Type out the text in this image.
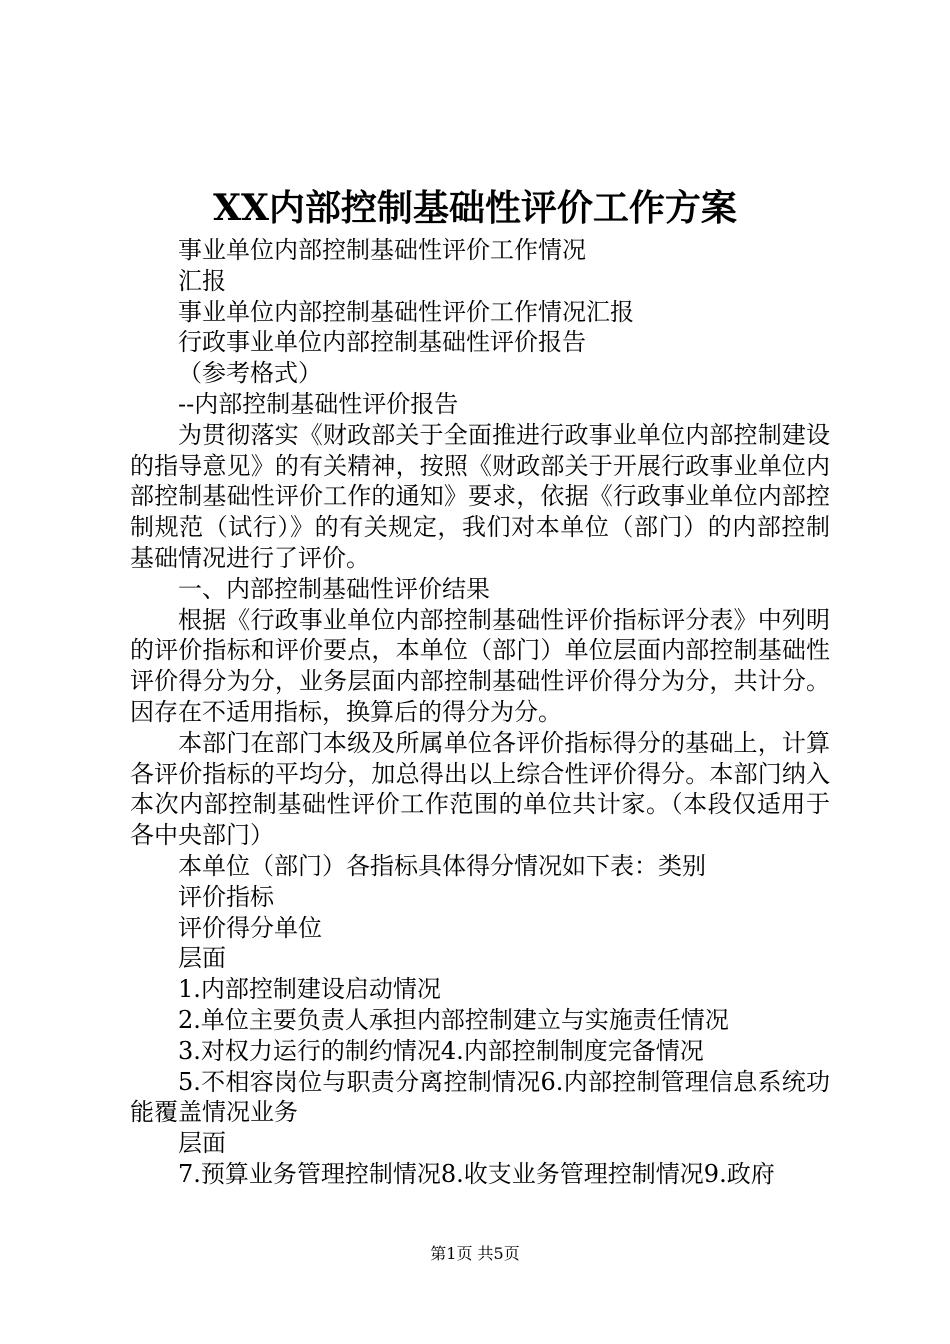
XX内部控制基础性评价工作方案

事业单位内部控制基础性评价工作情况

汇报

事业单位内部控制基础性评价工作情况汇报

行政事业单位内部控制基础性评价报告

（参考格式）

--内部控制基础性评价报告

为贯彻落实《财政部关于全面推进行政事业单位内部控制建设的指导意见》的有关精神，按照《财政部关于开展行政事业单位内部控制基础性评价工作的通知》要求，依据《行政事业单位内部控制规范（试行）》的有关规定，我们对本单位（部门）的内部控制基础情况进行了评价。

一、内部控制基础性评价结果

根据《行政事业单位内部控制基础性评价指标评分表》中列明的评价指标和评价要点，本单位（部门）单位层面内部控制基础性评价得分为分，业务层面内部控制基础性评价得分为分，共计分。因存在不适用指标，换算后的得分为分。

本部门在部门本级及所属单位各评价指标得分的基础上，计算各评价指标的平均分，加总得出以上综合性评价得分。本部门纳入本次内部控制基础性评价工作范围的单位共计家。（本段仅适用于各中央部门）

本单位（部门）各指标具体得分情况如下表：类别

评价指标

评价得分单位

层面

1.内部控制建设启动情况

2.单位主要负责人承担内部控制建立与实施责任情况

3.对权力运行的制约情况4.内部控制制度完备情况

5.不相容岗位与职责分离控制情况6.内部控制管理信息系统功能覆盖情况业务

层面

7.预算业务管理控制情况8.收支业务管理控制情况9.政府

第1页 共5页
